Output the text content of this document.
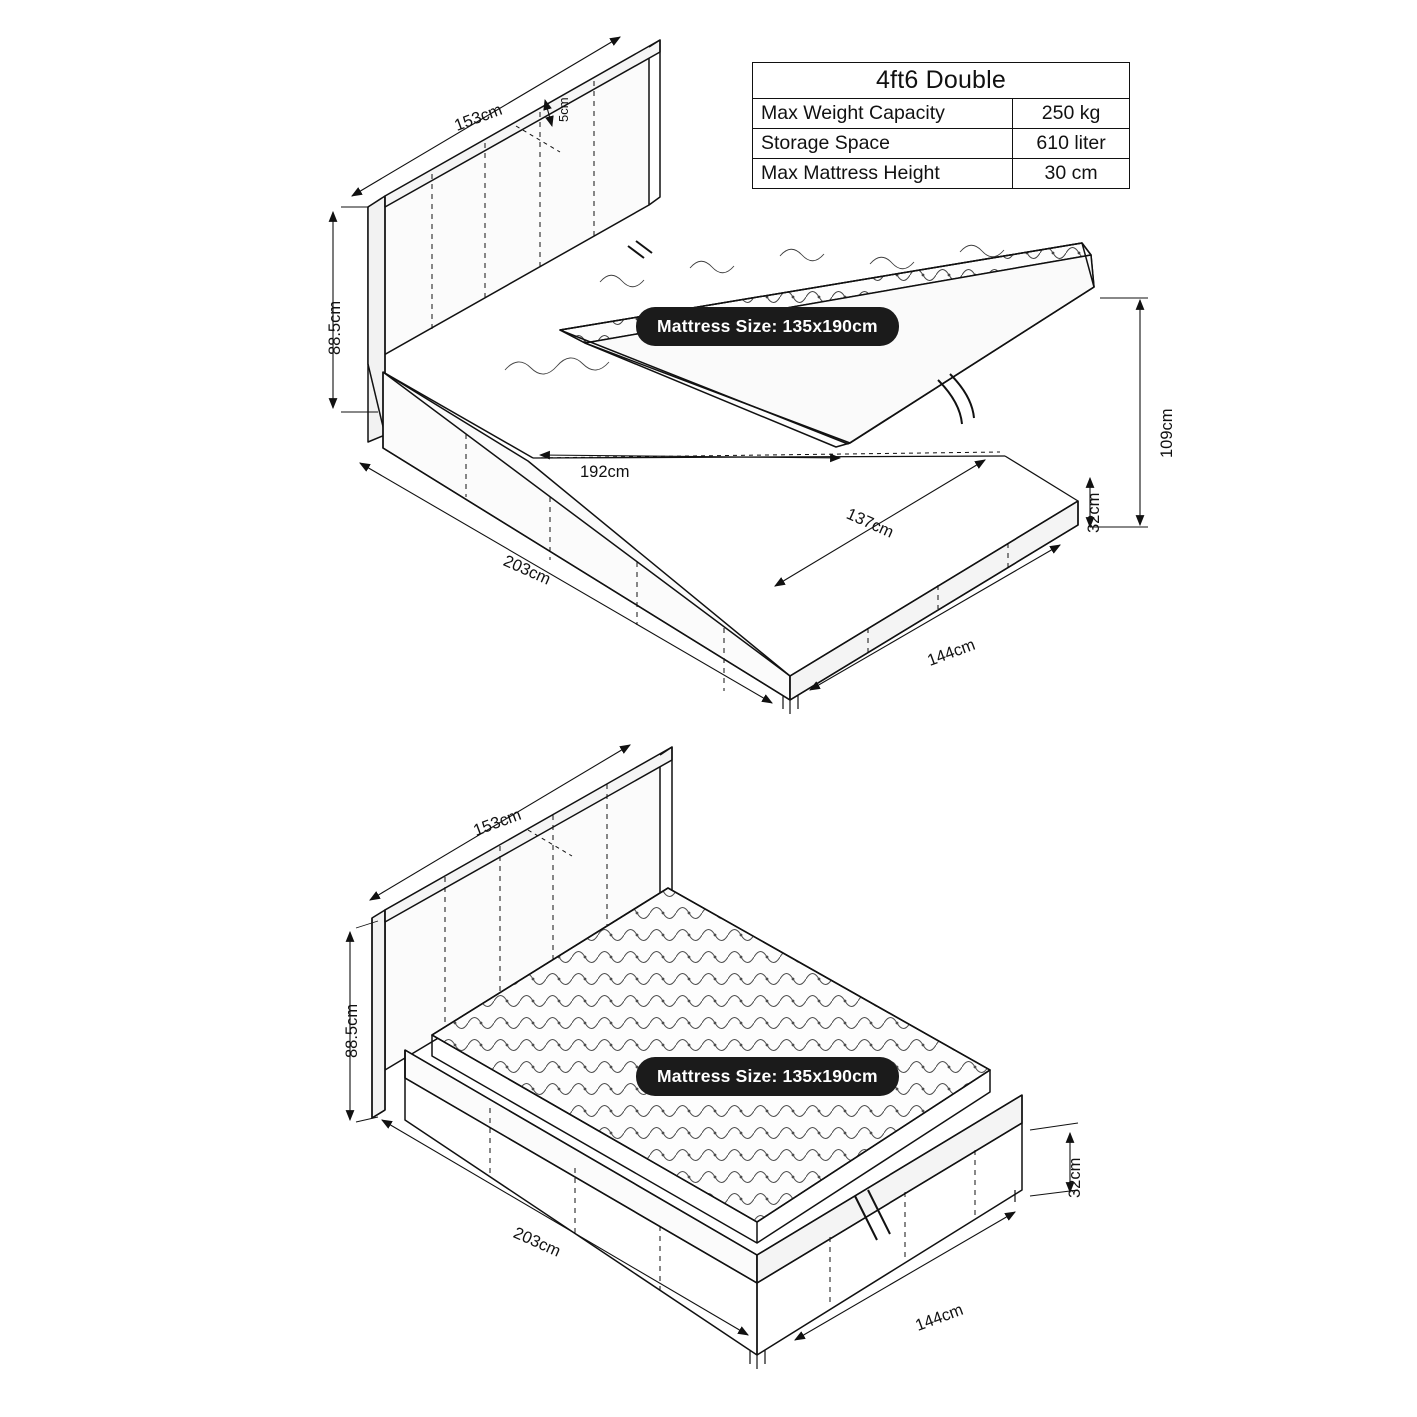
4ft6 Double	
Max Weight Capacity	250 kg
Storage Space	610 liter
Max Mattress Height	30 cm
Mattress Size: 135x190cm
Mattress Size: 135x190cm
153cm	5cm
88.5cm
109cm
192cm
137cm	32cm
203cm
144cm
153cm
88.5cm
32cm
203cm
144cm
